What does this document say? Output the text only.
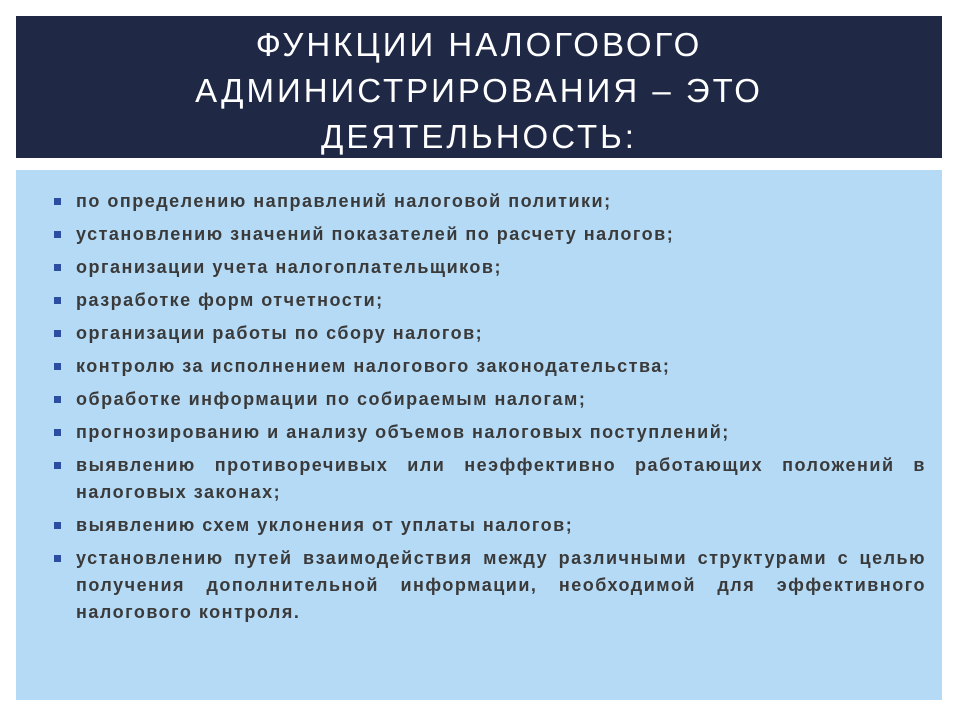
ФУНКЦИИ НАЛОГОВОГО АДМИНИСТРИРОВАНИЯ – ЭТО ДЕЯТЕЛЬНОСТЬ:
по определению направлений налоговой политики;
установлению значений показателей по расчету налогов;
организации учета налогоплательщиков;
разработке форм отчетности;
организации работы по сбору налогов;
контролю за исполнением налогового законодательства;
обработке информации по собираемым налогам;
прогнозированию и анализу объемов налоговых поступлений;
выявлению противоречивых или неэффективно работающих положений в налоговых законах;
выявлению схем уклонения от уплаты налогов;
установлению путей взаимодействия между различными структурами с целью получения дополнительной информации, необходимой для эффективного налогового контроля.
